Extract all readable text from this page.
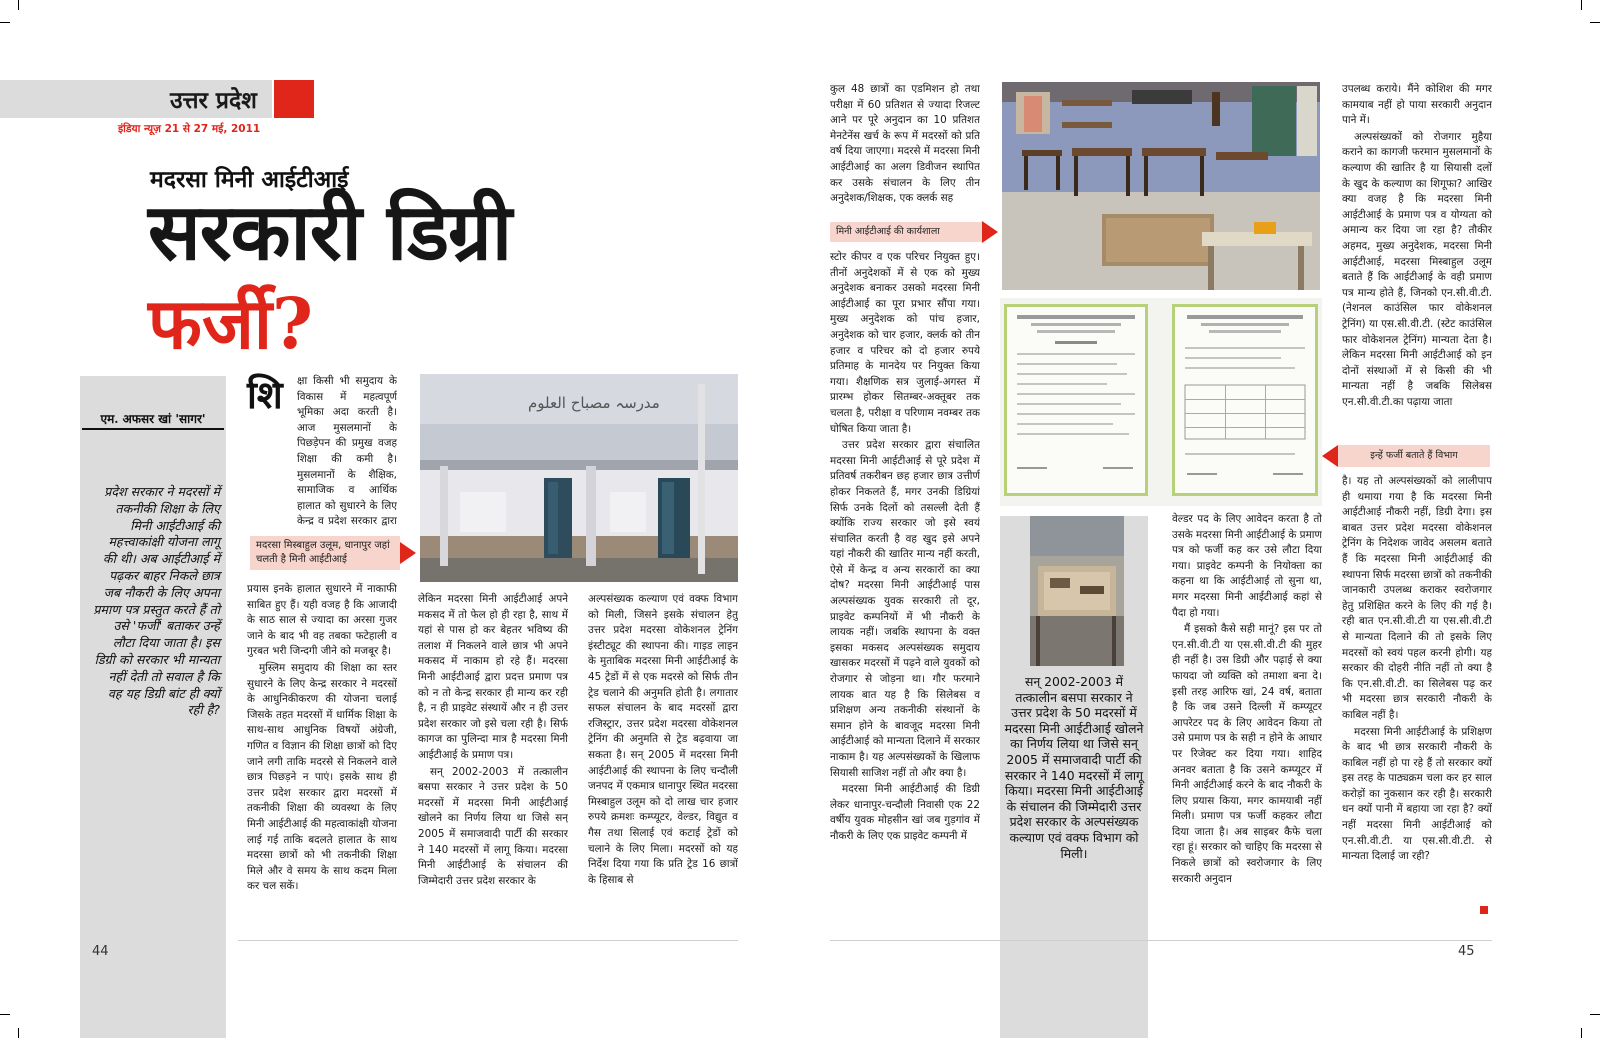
उत्तर प्रदेश
इंडिया न्यूज़ 21 से 27 मई, 2011
मदरसा मिनी आईटीआई
सरकारी डिग्री
फर्जी?
एम. अफसर खां 'सागर'
प्रदेश सरकार ने मदरसों में तकनीकी शिक्षा के लिए मिनी आईटीआई की महत्त्वाकांक्षी योजना लागू की थी। अब आईटीआई में पढ़कर बाहर निकले छात्र जब नौकरी के लिए अपना प्रमाण पत्र प्रस्तुत करते हैं तो उसे 'फर्जी' बताकर उन्हें लौटा दिया जाता है। इस डिग्री को सरकार भी मान्यता नहीं देती तो सवाल है कि वह यह डिग्री बांट ही क्यों रही है?
शि	क्षा किसी भी समुदाय के विकास में महत्वपूर्ण भूमिका अदा करती है। आज मुसलमानों के पिछड़ेपन की प्रमुख वजह शिक्षा की कमी है। मुसलमानों के शैक्षिक, सामाजिक व आर्थिक हालात को सुधारने के लिए केन्द्र व प्रदेश सरकार द्वारा

मदरसा मिस्बाहुल उलूम, धानापुर जहां चलती है मिनी आईटीआई
مدرسہ مصباح العلوم

प्रयास इनके हालात सुधारने में नाकाफी साबित हुए हैं। यही वजह है कि आजादी के साठ साल से ज्यादा का अरसा गुजर जाने के बाद भी वह तबका फटेहाली व गुरबत भरी जिन्दगी जीने को मजबूर है।

मुस्लिम समुदाय की शिक्षा का स्तर सुधारने के लिए केन्द्र सरकार ने मदरसों के आधुनिकीकरण की योजना चलाई जिसके तहत मदरसों में धार्मिक शिक्षा के साथ-साथ आधुनिक विषयों अंग्रेजी, गणित व विज्ञान की शिक्षा छात्रों को दिए जाने लगी ताकि मदरसे से निकलने वाले छात्र पिछड़ने न पाएं। इसके साथ ही उत्तर प्रदेश सरकार द्वारा मदरसों में तकनीकी शिक्षा की व्यवस्था के लिए मिनी आईटीआई की महत्वाकांक्षी योजना लाई गई ताकि बदलते हालात के साथ मदरसा छात्रों को भी तकनीकी शिक्षा मिले और वे समय के साथ कदम मिला कर चल सकें।

लेकिन मदरसा मिनी आईटीआई अपने मकसद में तो फेल हो ही रहा है, साथ में यहां से पास हो कर बेहतर भविष्य की तलाश में निकलने वाले छात्र भी अपने मकसद में नाकाम हो रहे हैं। मदरसा मिनी आईटीआई द्वारा प्रदत्त प्रमाण पत्र को न तो केन्द्र सरकार ही मान्य कर रही है, न ही प्राइवेट संस्थायें और न ही उत्तर प्रदेश सरकार जो इसे चला रही है। सिर्फ कागज का पुलिन्दा मात्र है मदरसा मिनी आईटीआई के प्रमाण पत्र।

सन् 2002-2003 में तत्कालीन बसपा सरकार ने उत्तर प्रदेश के 50 मदरसों में मदरसा मिनी आईटीआई खोलने का निर्णय लिया था जिसे सन् 2005 में समाजवादी पार्टी की सरकार ने 140 मदरसों में लागू किया। मदरसा मिनी आईटीआई के संचालन की जिम्मेदारी उत्तर प्रदेश सरकार के

अल्पसंख्यक कल्याण एवं वक्फ विभाग को मिली, जिसने इसके संचालन हेतु उत्तर प्रदेश मदरसा वोकेशनल ट्रेनिंग इंस्टीट्यूट की स्थापना की। गाइड लाइन के मुताबिक मदरसा मिनी आईटीआई के 45 ट्रेडों में से एक मदरसे को सिर्फ तीन ट्रेड चलाने की अनुमति होती है। लगातार सफल संचालन के बाद मदरसों द्वारा रजिस्ट्रार, उत्तर प्रदेश मदरसा वोकेशनल ट्रेनिंग की अनुमति से ट्रेड बढ़वाया जा सकता है। सन् 2005 में मदरसा मिनी आईटीआई की स्थापना के लिए चन्दौली जनपद में एकमात्र धानापुर स्थित मदरसा मिस्बाहुल उलूम को दो लाख चार हजार रुपये क्रमशः कम्प्यूटर, वेल्डर, विद्युत व गैस तथा सिलाई एवं कटाई ट्रेडों को चलाने के लिए मिला। मदरसों को यह निर्देश दिया गया कि प्रति ट्रेड 16 छात्रों के हिसाब से

44

कुल 48 छात्रों का एडमिशन हो तथा परीक्षा में 60 प्रतिशत से ज्यादा रिजल्ट आने पर पूरे अनुदान का 10 प्रतिशत मेनटेनेंस खर्च के रूप में मदरसों को प्रति वर्ष दिया जाएगा। मदरसे में मदरसा मिनी आईटीआई का अलग डिवीजन स्थापित कर उसके संचालन के लिए तीन अनुदेशक/शिक्षक, एक क्लर्क सह

मिनी आईटीआई की कार्यशाला

स्टोर कीपर व एक परिचर नियुक्त हुए। तीनों अनुदेशकों में से एक को मुख्य अनुदेशक बनाकर उसको मदरसा मिनी आईटीआई का पूरा प्रभार सौंपा गया। मुख्य अनुदेशक को पांच हजार, अनुदेशक को चार हजार, क्लर्क को तीन हजार व परिचर को दो हजार रुपये प्रतिमाह के मानदेय पर नियुक्त किया गया। शैक्षणिक सत्र जुलाई-अगस्त में प्रारम्भ होकर सितम्बर-अक्तूबर तक चलता है, परीक्षा व परिणाम नवम्बर तक घोषित किया जाता है।

उत्तर प्रदेश सरकार द्वारा संचालित मदरसा मिनी आईटीआई से पूरे प्रदेश में प्रतिवर्ष तकरीबन छह हजार छात्र उत्तीर्ण होकर निकलते हैं, मगर उनकी डिग्रियां सिर्फ उनके दिलों को तसल्ली देती हैं क्योंकि राज्य सरकार जो इसे स्वयं संचालित करती है वह खुद इसे अपने यहां नौकरी की खातिर मान्य नहीं करती, ऐसे में केन्द्र व अन्य सरकारों का क्या दोष? मदरसा मिनी आईटीआई पास अल्पसंख्यक युवक सरकारी तो दूर, प्राइवेट कम्पनियों में भी नौकरी के लायक नहीं। जबकि स्थापना के वक्त इसका मकसद अल्पसंख्यक समुदाय खासकर मदरसों में पढ़ने वाले युवकों को रोजगार से जोड़ना था। गौर फरमाने लायक बात यह है कि सिलेबस व प्रशिक्षण अन्य तकनीकी संस्थानों के समान होने के बावजूद मदरसा मिनी आईटीआई को मान्यता दिलाने में सरकार नाकाम है। यह अल्पसंख्यकों के खिलाफ सियासी साजिश नहीं तो और क्या है।

मदरसा मिनी आईटीआई की डिग्री लेकर धानापुर-चन्दौली निवासी एक 22 वर्षीय युवक मोहसीन खां जब गुड़गांव में नौकरी के लिए एक प्राइवेट कम्पनी में

इन्हें फर्जी बताते हैं विभाग
सन् 2002-2003 में तत्कालीन बसपा सरकार ने उत्तर प्रदेश के 50 मदरसों में मदरसा मिनी आईटीआई खोलने का निर्णय लिया था जिसे सन् 2005 में समाजवादी पार्टी की सरकार ने 140 मदरसों में लागू किया। मदरसा मिनी आईटीआई के संचालन की जिम्मेदारी उत्तर प्रदेश सरकार के अल्पसंख्यक कल्याण एवं वक्फ विभाग को मिली।

वेल्डर पद के लिए आवेदन करता है तो उसके मदरसा मिनी आईटीआई के प्रमाण पत्र को फर्जी कह कर उसे लौटा दिया गया। प्राइवेट कम्पनी के नियोक्ता का कहना था कि आईटीआई तो सुना था, मगर मदरसा मिनी आईटीआई कहां से पैदा हो गया।

मैं इसको कैसे सही मानूं? इस पर तो एन.सी.वी.टी या एस.सी.वी.टी की मुहर ही नहीं है। उस डिग्री और पढ़ाई से क्या फायदा जो व्यक्ति को तमाशा बना दे। इसी तरह आरिफ खां, 24 वर्ष, बताता है कि जब उसने दिल्ली में कम्प्यूटर आपरेटर पद के लिए आवेदन किया तो उसे प्रमाण पत्र के सही न होने के आधार पर रिजेक्ट कर दिया गया। शाहिद अनवर बताता है कि उसने कम्प्यूटर में मिनी आईटीआई करने के बाद नौकरी के लिए प्रयास किया, मगर कामयाबी नहीं मिली। प्रमाण पत्र फर्जी कहकर लौटा दिया जाता है। अब साइबर कैफे चला रहा हूं। सरकार को चाहिए कि मदरसा से निकले छात्रों को स्वरोजगार के लिए सरकारी अनुदान

उपलब्ध कराये। मैंने कोशिश की मगर कामयाब नहीं हो पाया सरकारी अनुदान पाने में।

अल्पसंख्यकों को रोजगार मुहैया कराने का कागजी फरमान मुसलमानों के कल्याण की खातिर है या सियासी दलों के खुद के कल्याण का शिगूफा? आखिर क्या वजह है कि मदरसा मिनी आईटीआई के प्रमाण पत्र व योग्यता को अमान्य कर दिया जा रहा है? तौकीर अहमद, मुख्य अनुदेशक, मदरसा मिनी आईटीआई, मदरसा मिस्बाहुल उलूम बताते हैं कि आईटीआई के वही प्रमाण पत्र मान्य होते हैं, जिनको एन.सी.वी.टी. (नेशनल काउंसिल फार वोकेशनल ट्रेनिंग) या एस.सी.वी.टी. (स्टेट काउंसिल फार वोकेशनल ट्रेनिंग) मान्यता देता है। लेकिन मदरसा मिनी आईटीआई को इन दोनों संस्थाओं में से किसी की भी मान्यता नहीं है जबकि सिलेबस एन.सी.वी.टी.का पढ़ाया जाता

है। यह तो अल्पसंख्यकों को लालीपाप ही थमाया गया है कि मदरसा मिनी आईटीआई नौकरी नहीं, डिग्री देगा। इस बाबत उत्तर प्रदेश मदरसा वोकेशनल ट्रेनिंग के निदेशक जावेद असलम बताते हैं कि मदरसा मिनी आईटीआई की स्थापना सिर्फ मदरसा छात्रों को तकनीकी जानकारी उपलब्ध कराकर स्वरोजगार हेतु प्रशिक्षित करने के लिए की गई है। रही बात एन.सी.वी.टी या एस.सी.वी.टी से मान्यता दिलाने की तो इसके लिए मदरसों को स्वयं पहल करनी होगी। यह सरकार की दोहरी नीति नहीं तो क्या है कि एन.सी.वी.टी. का सिलेबस पढ़ कर भी मदरसा छात्र सरकारी नौकरी के काबिल नहीं है।

मदरसा मिनी आईटीआई के प्रशिक्षण के बाद भी छात्र सरकारी नौकरी के काबिल नहीं हो पा रहे हैं तो सरकार क्यों इस तरह के पाठ्यक्रम चला कर हर साल करोड़ों का नुकसान कर रही है। सरकारी धन क्यों पानी में बहाया जा रहा है? क्यों नहीं मदरसा मिनी आईटीआई को एन.सी.वी.टी. या एस.सी.वी.टी. से मान्यता दिलाई जा रही?

45
